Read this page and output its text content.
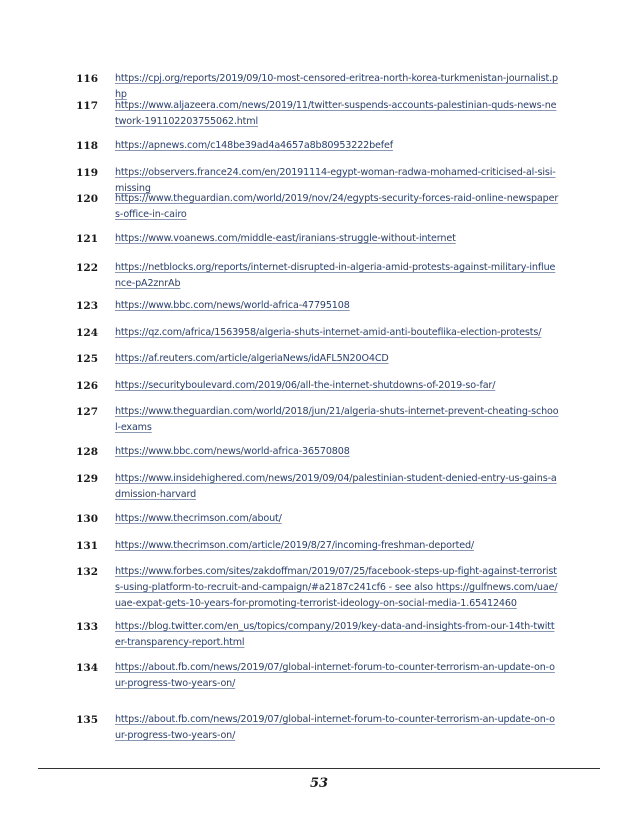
116 https://cpj.org/reports/2019/09/10-most-censored-eritrea-north-korea-turkmenistan-journalist.php
117 https://www.aljazeera.com/news/2019/11/twitter-suspends-accounts-palestinian-quds-news-network-191102203755062.html
118 https://apnews.com/c148be39ad4a4657a8b80953222befef
119 https://observers.france24.com/en/20191114-egypt-woman-radwa-mohamed-criticised-al-sisi-missing
120 https://www.theguardian.com/world/2019/nov/24/egypts-security-forces-raid-online-newspapers-office-in-cairo
121 https://www.voanews.com/middle-east/iranians-struggle-without-internet
122 https://netblocks.org/reports/internet-disrupted-in-algeria-amid-protests-against-military-influence-pA2znrAb
123 https://www.bbc.com/news/world-africa-47795108
124 https://qz.com/africa/1563958/algeria-shuts-internet-amid-anti-bouteflika-election-protests/
125 https://af.reuters.com/article/algeriaNews/idAFL5N20O4CD
126 https://securityboulevard.com/2019/06/all-the-internet-shutdowns-of-2019-so-far/
127 https://www.theguardian.com/world/2018/jun/21/algeria-shuts-internet-prevent-cheating-school-exams
128 https://www.bbc.com/news/world-africa-36570808
129 https://www.insidehighered.com/news/2019/09/04/palestinian-student-denied-entry-us-gains-admission-harvard
130 https://www.thecrimson.com/about/
131 https://www.thecrimson.com/article/2019/8/27/incoming-freshman-deported/
132 https://www.forbes.com/sites/zakdoffman/2019/07/25/facebook-steps-up-fight-against-terrorists-using-platform-to-recruit-and-campaign/#a2187c241cf6 - see also https://gulfnews.com/uae/uae-expat-gets-10-years-for-promoting-terrorist-ideology-on-social-media-1.65412460
133 https://blog.twitter.com/en_us/topics/company/2019/key-data-and-insights-from-our-14th-twitter-transparency-report.html
134 https://about.fb.com/news/2019/07/global-internet-forum-to-counter-terrorism-an-update-on-our-progress-two-years-on/
135 https://about.fb.com/news/2019/07/global-internet-forum-to-counter-terrorism-an-update-on-our-progress-two-years-on/
53
